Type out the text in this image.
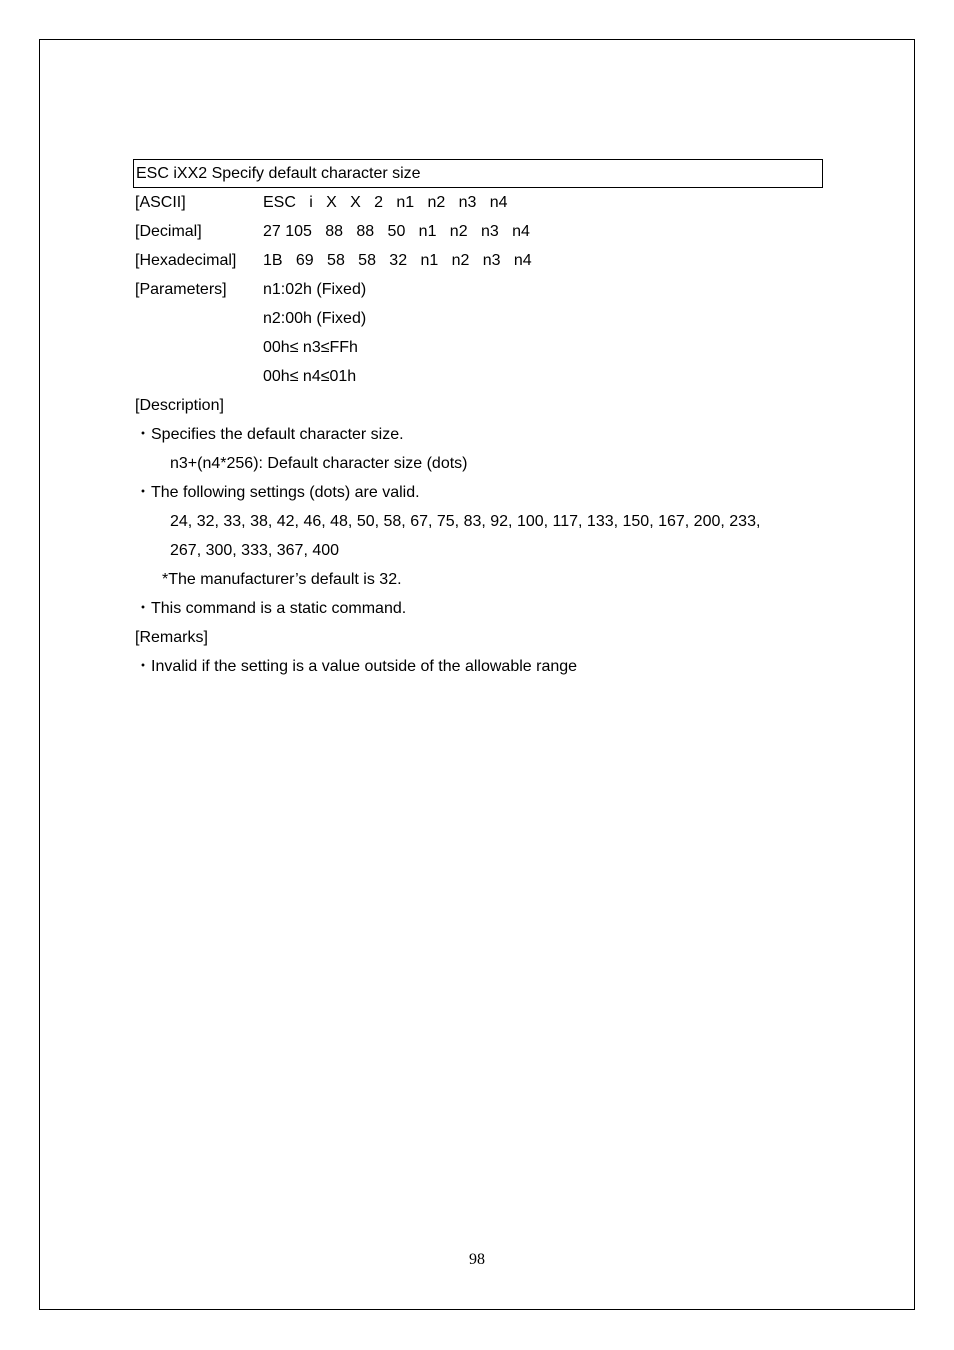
ESC iXX2 Specify default character size
[ASCII]	ESC   i   X   X   2   n1   n2   n3   n4
[Decimal]	27 105   88   88   50   n1   n2   n3   n4
[Hexadecimal] 1B   69   58   58   32   n1   n2   n3   n4
[Parameters] n1:02h (Fixed)
n2:00h (Fixed)
00h≤ n3≤FFh
00h≤ n4≤01h
[Description]
・Specifies the default character size.
n3+(n4*256): Default character size (dots)
・The following settings (dots) are valid.
24, 32, 33, 38, 42, 46, 48, 50, 58, 67, 75, 83, 92, 100, 117, 133, 150, 167, 200, 233,
267, 300, 333, 367, 400
*The manufacturer’s default is 32.
・This command is a static command.
[Remarks]
・Invalid if the setting is a value outside of the allowable range
98
